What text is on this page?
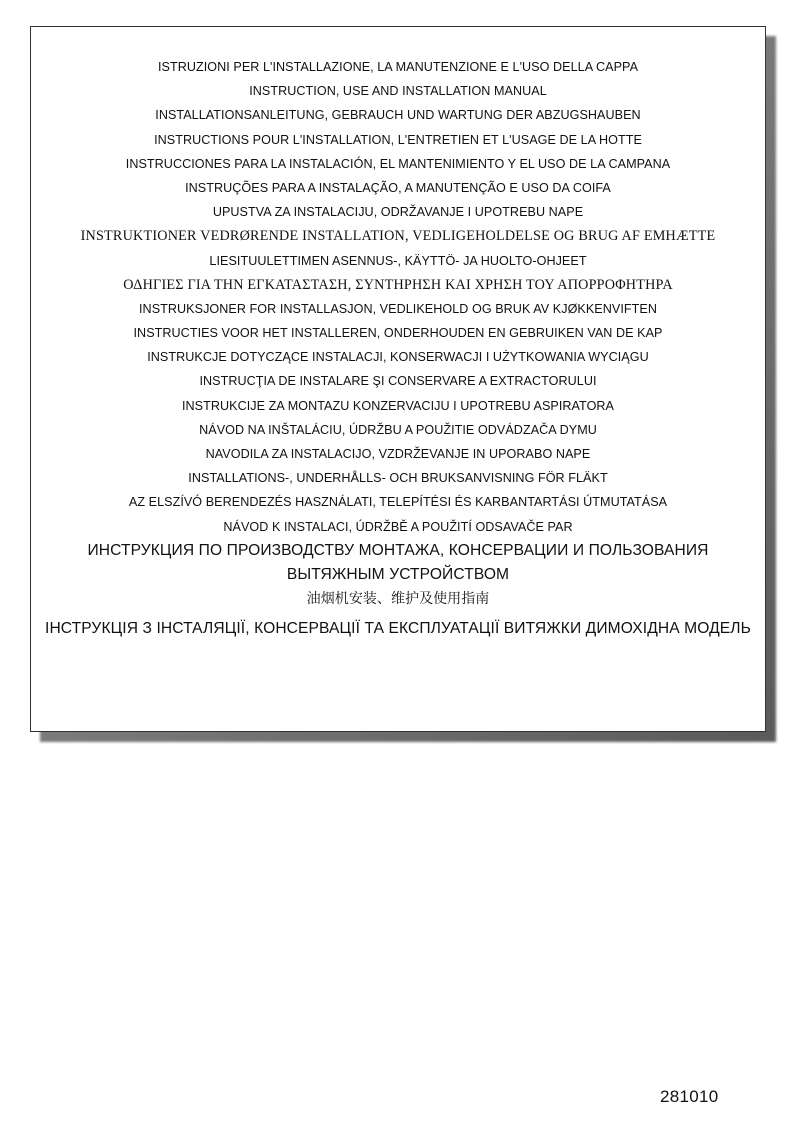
ISTRUZIONI PER L'INSTALLAZIONE, LA MANUTENZIONE E L'USO DELLA CAPPA
INSTRUCTION, USE AND INSTALLATION MANUAL
INSTALLATIONSANLEITUNG, GEBRAUCH UND WARTUNG DER ABZUGSHAUBEN
INSTRUCTIONS POUR L'INSTALLATION, L'ENTRETIEN ET L'USAGE DE LA HOTTE
INSTRUCCIONES PARA LA INSTALACIÓN, EL MANTENIMIENTO Y EL USO DE LA CAMPANA
INSTRUÇÕES PARA A INSTALAÇÃO, A MANUTENÇÃO E USO DA COIFA
UPUSTVA ZA INSTALACIJU, ODRŽAVANJE I UPOTREBU NAPE
INSTRUKTIONER VEDRØRENDE INSTALLATION, VEDLIGEHOLDELSE OG BRUG AF EMHÆTTE
LIESITUULETTIMEN ASENNUS-, KÄYTTÖ- JA HUOLTO-OHJEET
ΟΔΗΓΙΕΣ ΓΙΑ ΤΗΝ ΕΓΚΑΤΑΣΤΑΣΗ, ΣΥΝΤΗΡΗΣΗ ΚΑΙ ΧΡΗΣΗ ΤΟΥ ΑΠΟΡΡΟΦΗΤΗΡΑ
INSTRUKSJONER FOR INSTALLASJON, VEDLIKEHOLD OG BRUK AV KJØKKENVIFTEN
INSTRUCTIES VOOR HET INSTALLEREN, ONDERHOUDEN EN GEBRUIKEN VAN DE KAP
INSTRUKCJE DOTYCZĄCE INSTALACJI, KONSERWACJI I UŻYTKOWANIA WYCIĄGU
INSTRUCŢIA DE INSTALARE ŞI CONSERVARE A EXTRACTORULUI
INSTRUKCIJE ZA MONTAZU KONZERVACIJU I UPOTREBU ASPIRATORA
NÁVOD NA INŠTALÁCIU, ÚDRŽBU A POUŽITIE ODVÁDZAČA DYMU
NAVODILA ZA INSTALACIJO, VZDRŽEVANJE IN UPORABO NAPE
INSTALLATIONS-, UNDERHÅLLS- OCH BRUKSANVISNING FÖR FLÄKT
AZ ELSZÍVÓ BERENDEZÉS HASZNÁLATI, TELEPÍTÉSI ÉS KARBANTARTÁSI ÚTMUTATÁSA
NÁVOD K INSTALACI, ÚDRŽBĚ A POUŽITÍ ODSAVAČE PAR
ИНСТРУКЦИЯ ПО ПРОИЗВОДСТВУ МОНТАЖА, КОНСЕРВАЦИИ И ПОЛЬЗОВАНИЯ
ВЫТЯЖНЫМ УСТРОЙСТВОМ
油烟机安装、维护及使用指南
ІНСТРУКЦІЯ З ІНСТАЛЯЦІЇ, КОНСЕРВАЦІЇ ТА ЕКСПЛУАТАЦІЇ ВИТЯЖКИ ДИМОХІДНА МОДЕЛЬ
281010
